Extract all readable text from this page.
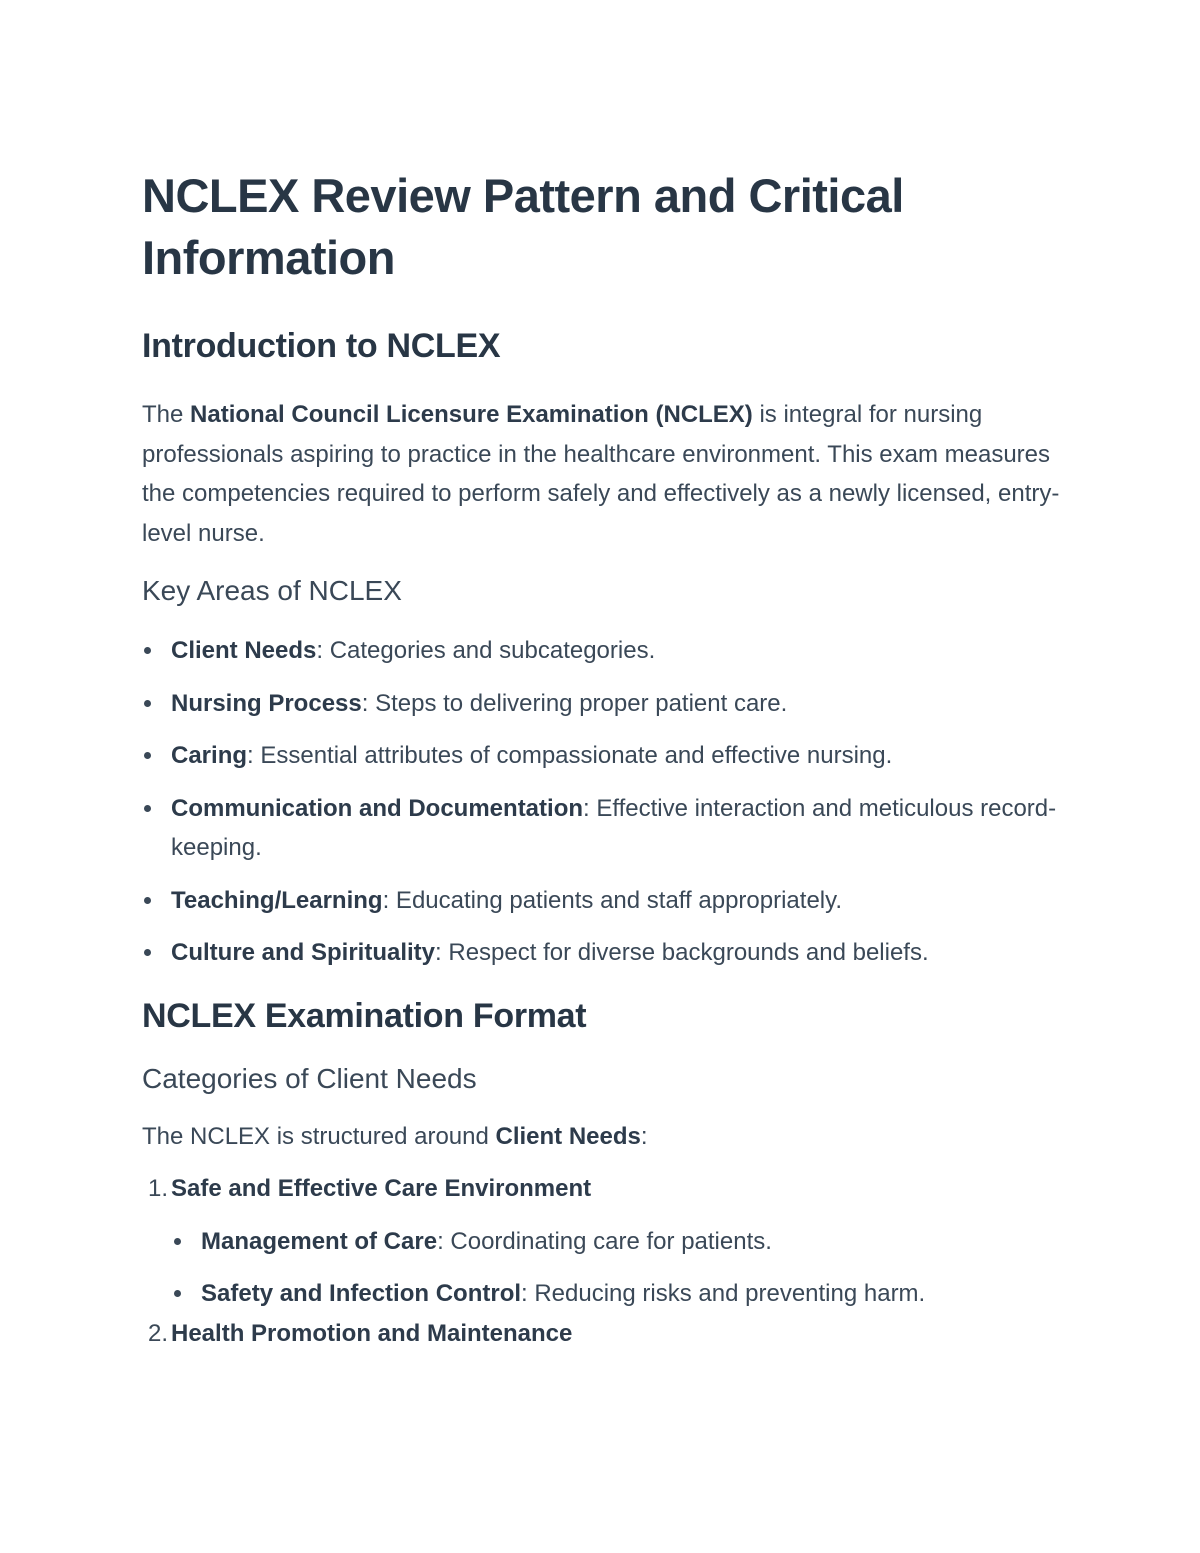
NCLEX Review Pattern and Critical Information
Introduction to NCLEX

The National Council Licensure Examination (NCLEX) is integral for nursing professionals aspiring to practice in the healthcare environment. This exam measures the competencies required to perform safely and effectively as a newly licensed, entry-level nurse.

Key Areas of NCLEX
Client Needs: Categories and subcategories.
Nursing Process: Steps to delivering proper patient care.
Caring: Essential attributes of compassionate and effective nursing.
Communication and Documentation: Effective interaction and meticulous record-keeping.
Teaching/Learning: Educating patients and staff appropriately.
Culture and Spirituality: Respect for diverse backgrounds and beliefs.
NCLEX Examination Format
Categories of Client Needs

The NCLEX is structured around Client Needs:

1. Safe and Effective Care Environment
Management of Care: Coordinating care for patients.
Safety and Infection Control: Reducing risks and preventing harm.
2. Health Promotion and Maintenance
